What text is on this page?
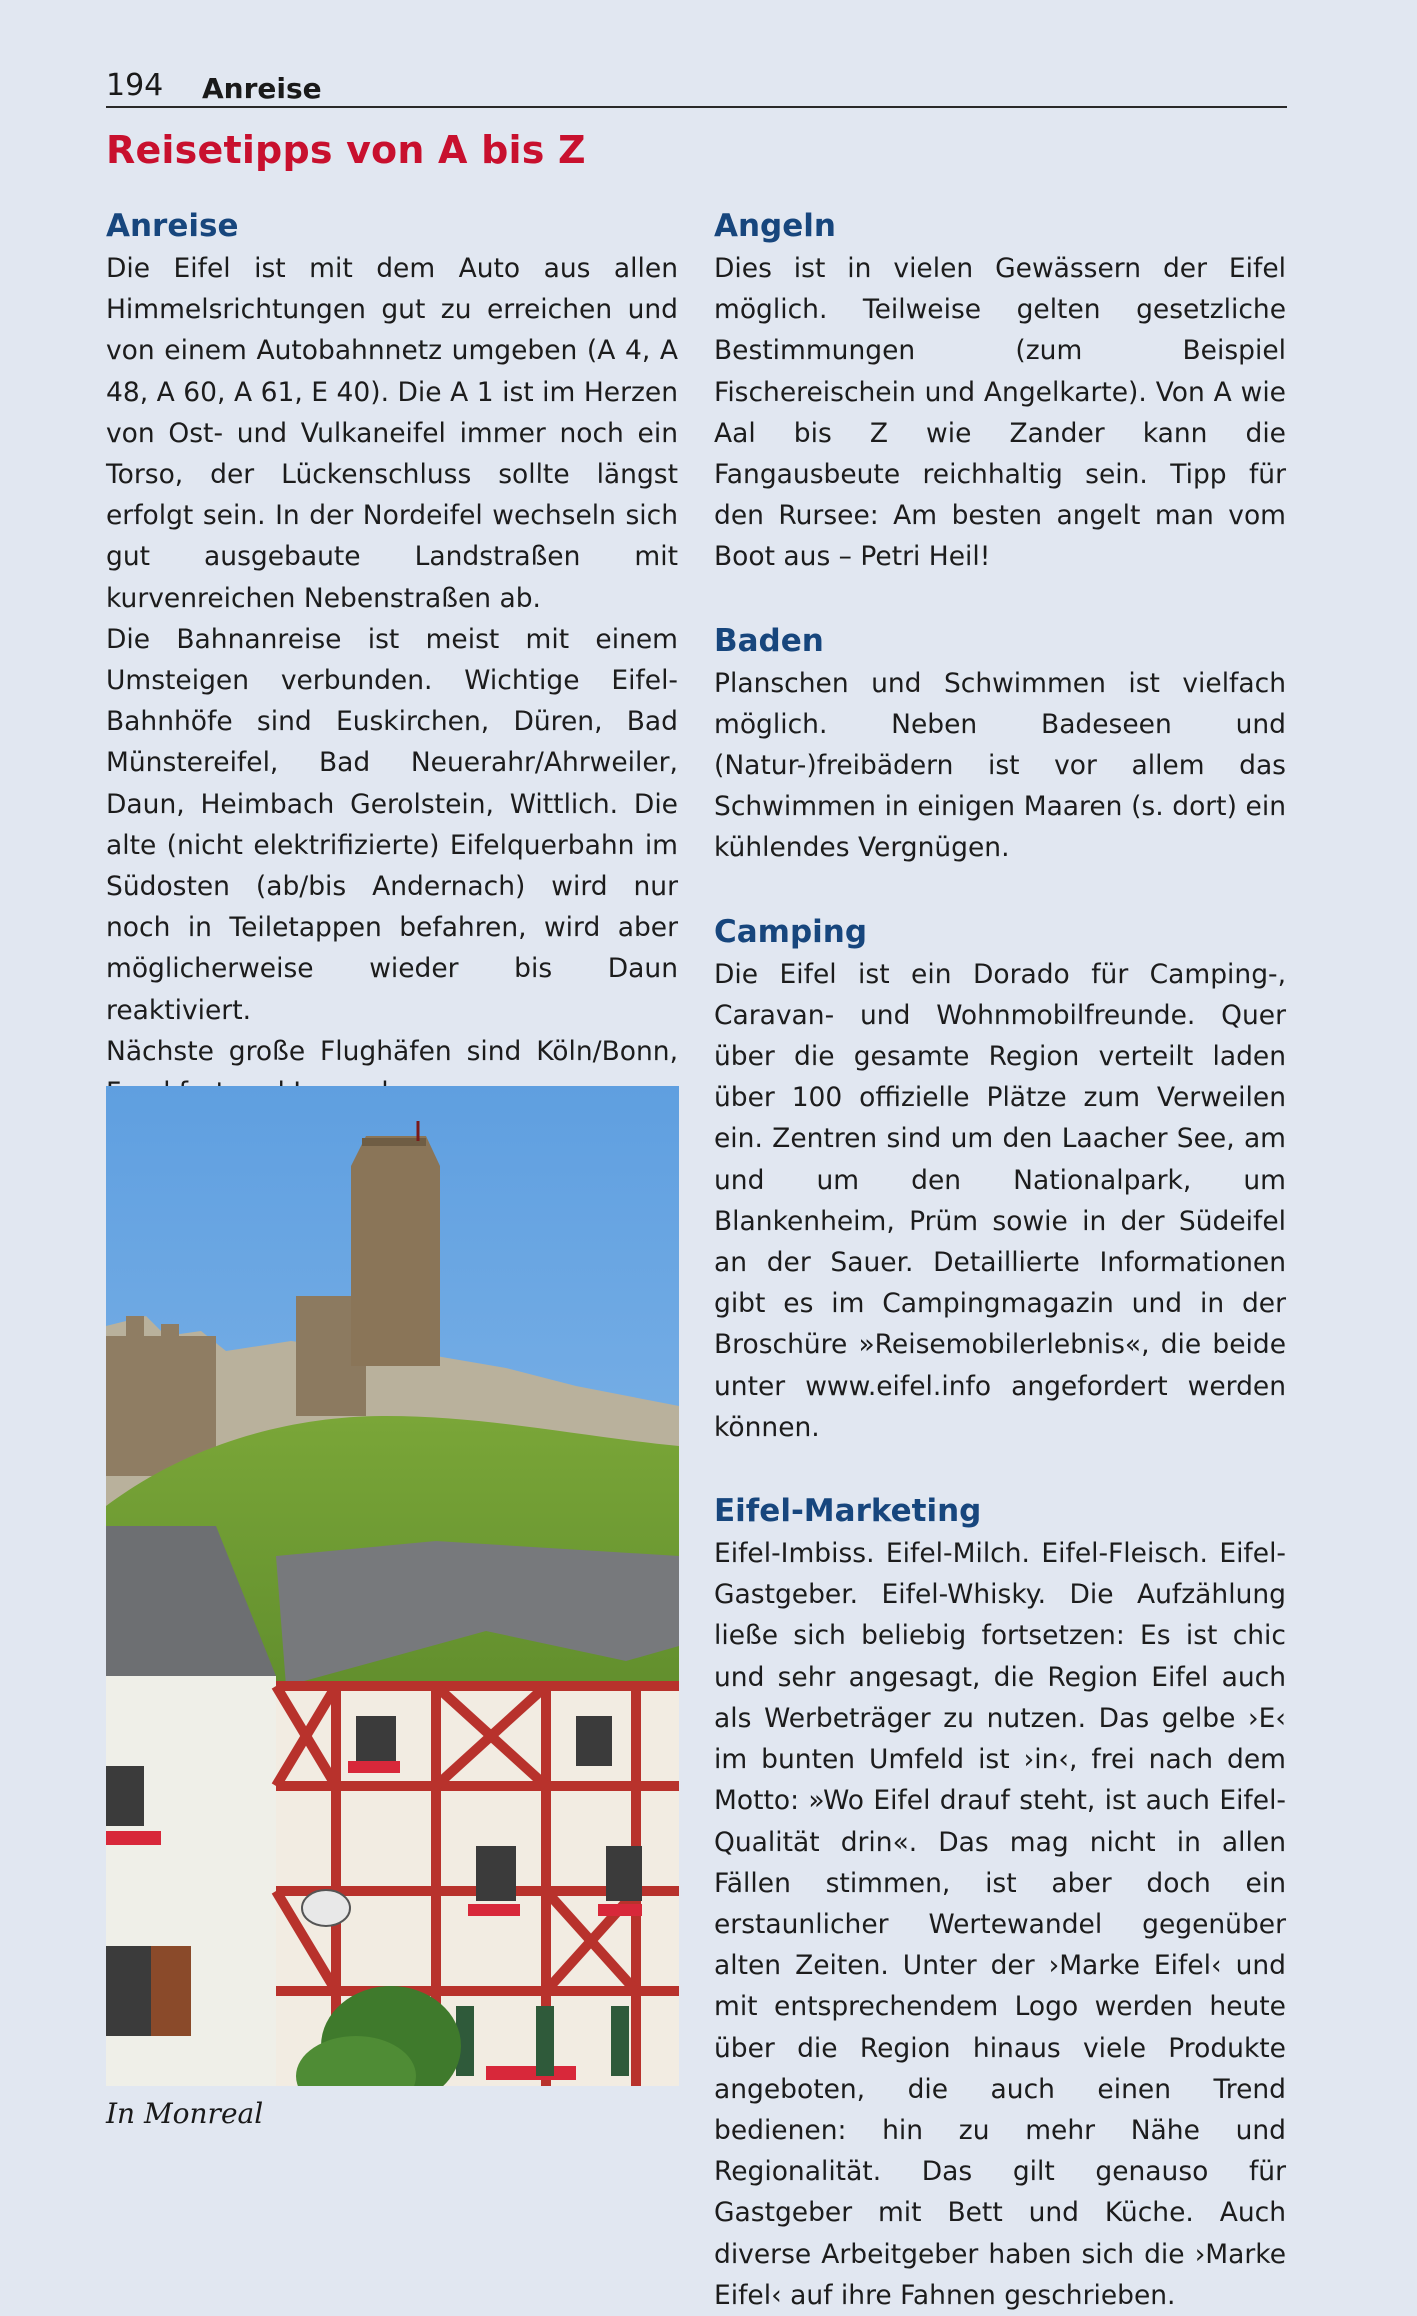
194 Anreise
Reisetipps von A bis Z
Anreise

Die Eifel ist mit dem Auto aus allen Himmelsrichtungen gut zu erreichen und von einem Autobahnnetz umgeben (A 4, A 48, A 60, A 61, E 40). Die A 1 ist im Herzen von Ost- und Vulkaneifel immer noch ein Torso, der Lückenschluss sollte längst erfolgt sein. In der Nordeifel wechseln sich gut ausgebaute Landstraßen mit kurvenreichen Nebenstraßen ab.

Die Bahnanreise ist meist mit einem Umsteigen verbunden. Wichtige Eifel-Bahnhöfe sind Euskirchen, Düren, Bad Münstereifel, Bad Neuerahr/Ahrweiler, Daun, Heimbach Gerolstein, Wittlich. Die alte (nicht elektrifizierte) Eifelquerbahn im Südosten (ab/bis Andernach) wird nur noch in Teiletappen befahren, wird aber möglicherweise wieder bis Daun reaktiviert.

Nächste große Flughäfen sind Köln/Bonn,

In Monreal
Angeln

Dies ist in vielen Gewässern der Eifel möglich. Teilweise gelten gesetzliche Bestimmungen (zum Beispiel Fischereischein und Angelkarte). Von A wie Aal bis Z wie Zander kann die Fangausbeute reichhaltig sein. Tipp für den Rursee: Am besten angelt man vom Boot aus – Petri Heil!

Baden

Planschen und Schwimmen ist vielfach möglich. Neben Badeseen und (Natur-)freibädern ist vor allem das Schwimmen in einigen Maaren (s. dort) ein kühlendes Vergnügen.

Camping

Die Eifel ist ein Dorado für Camping-, Caravan- und Wohnmobilfreunde. Quer über die gesamte Region verteilt laden über 100 offizielle Plätze zum Verweilen ein. Zentren sind um den Laacher See, am und um den Nationalpark, um Blankenheim, Prüm sowie in der Südeifel an der Sauer. Detaillierte Informationen gibt es im Campingmagazin und in der Broschüre »Reisemobilerlebnis«, die beide unter www.eifel.info angefordert werden können.

Eifel-Marketing

Eifel-Imbiss. Eifel-Milch. Eifel-Fleisch. Eifel-Gastgeber. Eifel-Whisky. Die Aufzählung ließe sich beliebig fortsetzen: Es ist chic und sehr angesagt, die Region Eifel auch als Werbeträger zu nutzen. Das gelbe ›E‹ im bunten Umfeld ist ›in‹, frei nach dem Motto: »Wo Eifel drauf steht, ist auch Eifel-Qualität drin«. Das mag nicht in allen Fällen stimmen, ist aber doch ein erstaunlicher Wertewandel gegenüber alten Zeiten. Unter der ›Marke Eifel‹ und mit entsprechendem Logo werden heute über die Region hinaus viele Produkte angeboten, die auch einen Trend bedienen: hin zu mehr Nähe und Regionalität. Das gilt genauso für Gastgeber mit Bett und Küche. Auch diverse Arbeitgeber haben sich die ›Marke Eifel‹ auf ihre Fahnen geschrieben.
